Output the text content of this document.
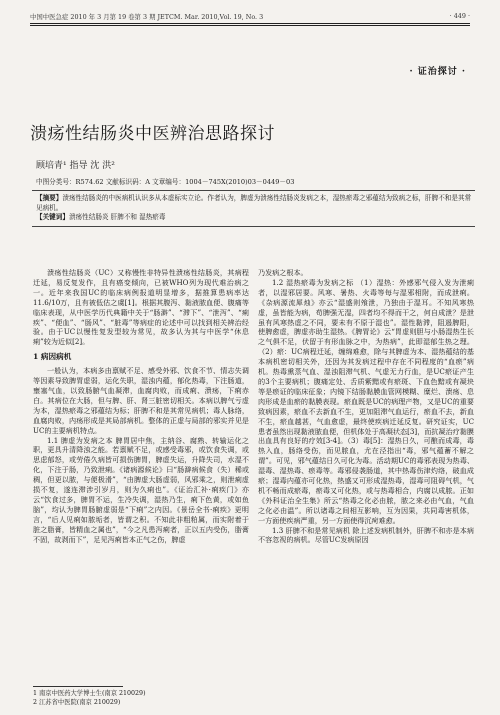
中国中医急症 2010 年 3 月第 19 卷第 3 期 JETCM. Mar. 2010,Vol. 19, No. 3	· 449 ·
· 证治探讨 ·
溃疡性结肠炎中医辨治思路探讨
顾培青¹ 指导 沈 洪²
中图分类号：R574.62 文献标识码：A 文章编号：1004－745X(2010)03－0449－03
【摘要】溃疡性结肠炎的中医病机认识多从本虚标实立论。作者认为，脾虚为溃疡性结肠炎发病之本，湿热瘀毒之邪蕴结为致病之标，肝脾不和是其常见病机。
【关键词】溃疡性结肠炎 肝脾不和 湿热瘀毒

溃疡性结肠炎（UC）又称慢性非特异性溃疡性结肠炎，其病程迁延，易反复发作，且有癌变倾向，已被WHO列为现代难治病之一。近年来我国UC的临床病例报道明显增多，据推算患病率达11.6/10万，且有被低估之虞[1]。根据其腹泻、黏液脓血便、腹痛等临床表现，从中医学历代典籍中关于“肠澼”、“滞下”、“泄泻”、“痢疾”、“便血”、“肠风”、“脏毒”等病症的论述中可以找到相关辨治经验。由于UC以慢性复发型较为常见，故多认为其与中医学“休息痢”较为近似[2]。

1 病因病机

一般认为，本病多由禀赋不足、感受外邪、饮食不节、情志失调等因素导致脾胃虚弱，运化失职，湿浊内蕴，郁化热毒，下注肠道，壅塞气血，以致肠腑气血凝滞，血腐肉败，而成痢、溃疡，下痢赤白。其病位在大肠，但与脾、肝、肾三脏密切相关。本病以脾气亏虚为本，湿热瘀毒之邪蕴结为标；肝脾不和是其常见病机；毒人脉络，血腐肉败，内疡形成是其局部病机。整体的正虚与局部的邪实并见是UC的主要病机特点。

1.1 脾虚为发病之本 脾胃居中焦，主纳谷、腐熟、转输运化之职，更具升清降浊之能。若禀赋不足，或感受毒邪，或饮食失调，或思虑郁怒，或劳倦久病皆可损伤脾胃，脾虚失运，升降失司，水湿不化，下注于肠，乃致泄痢。《诸病源候论》曰“肠澼病候食（失）稀或稠，但更以脓，与便极滑”，“由脾虚大肠虚弱，风邪乘之，则泄痢虚损不复，遂连滞涉引岁月，则为久痢也”。《证治汇补·痢疾门》亦云“饮食过多，脾胃不运，生冷失调，湿热乃生，痢下色黄，或如鱼脑”，均认为脾胃肠腑虚弱是“下痢”之内因。《景岳全书·痢疾》更明言，“后人见痢如脓垢者，皆谓之积。不知此非粗粕属，而实附着于脏之脂膏，皆精血之属也”，“今之凡患泻痢者，正以五内受伤，脂膏不固，故剥而下”，足见泻痢皆本正气之伤，脾虚

乃发病之根本。

1.2 湿热瘀毒为发病之标 （1）湿热：外感邪气侵入发为泄痢者，以湿邪居要。风寒、暑热、火毒等每与湿邪相附，而成泄痢。《杂病源流犀烛》亦云“湿盛则飧泄，乃独由于湿耳。不知风寒热虚，虽皆能为病，苟脾强无湿，四者均不得而干之，何自成泄？是泄虽有风寒热虚之不同，要未有不原于湿也”。湿性黏滞，阻遏脾阳，使脾愈虚，脾虚亦助生湿热。《脾胃论》云“胃虚则胆与小肠湿热生长之气俱不足，伏留于有形血脉之中，为热病”，此即湿郁生热之理。（2）瘀：UC病程迁延，缠绵难愈，除与其脾虚为本、湿热蕴结的基本病机密切相关外，还因为其发病过程中存在不同程度的“血瘀”病机。热毒熏蒸气血、湿浊阻滞气机、气虚无力行血，是UC瘀证产生的3个主要病机；腹痛定处、舌质紫黯或有瘀斑、下血色黯或有凝块等是瘀证的临床征象；内镜下结肠黏膜血管网模糊、糜烂、溃疡、息肉形成是血瘀的黏膜表现。瘀血既是UC的病理产物，又是UC的重要致病因素，瘀血不去新血不生，更加阻滞气血运行，瘀血不去，新血不生，瘀血越甚，气血愈虚，最终使疾病迁延反复。研究证实，UC患者虽然出现黏液脓血便，但机体处于高凝状态[3]，而抗凝治疗黏膜出血具有良好的疗效[3-4]。（3）毒[5]：湿热日久，可酿而成毒，毒热入血，肠络受伤，而见脓血，尤在泾指出“毒，邪气蕴蓄不解之谓”。可见，邪气蕴结日久可化为毒。活动期UC的毒邪表现为热毒、湿毒、湿热毒、瘀毒等。毒邪侵袭肠道，其中热毒伤津灼络，破血成瘀；湿毒内蕴亦可化热，热盛又可形成湿热毒，湿毒可阻碍气机，气机不畅而成瘀毒，瘀毒又可化热，或与热毒相合，内腐以成脓。正如《外科证治全生集》所云“热毒之化必由脓，脓之来必由气血，气血之化必由温”。所以诸毒之间相互影响，互为因果，共同毒害机体，一方面使疾病严重，另一方面使得沉疴难愈。

1.3 肝脾不和是常见病机 除上述发病机制外，肝脾不和亦是本病不容忽视的病机。尽管UC发病原因

1 南京中医药大学博士生(南京 210029)
2 江苏省中医院(南京 210029)
